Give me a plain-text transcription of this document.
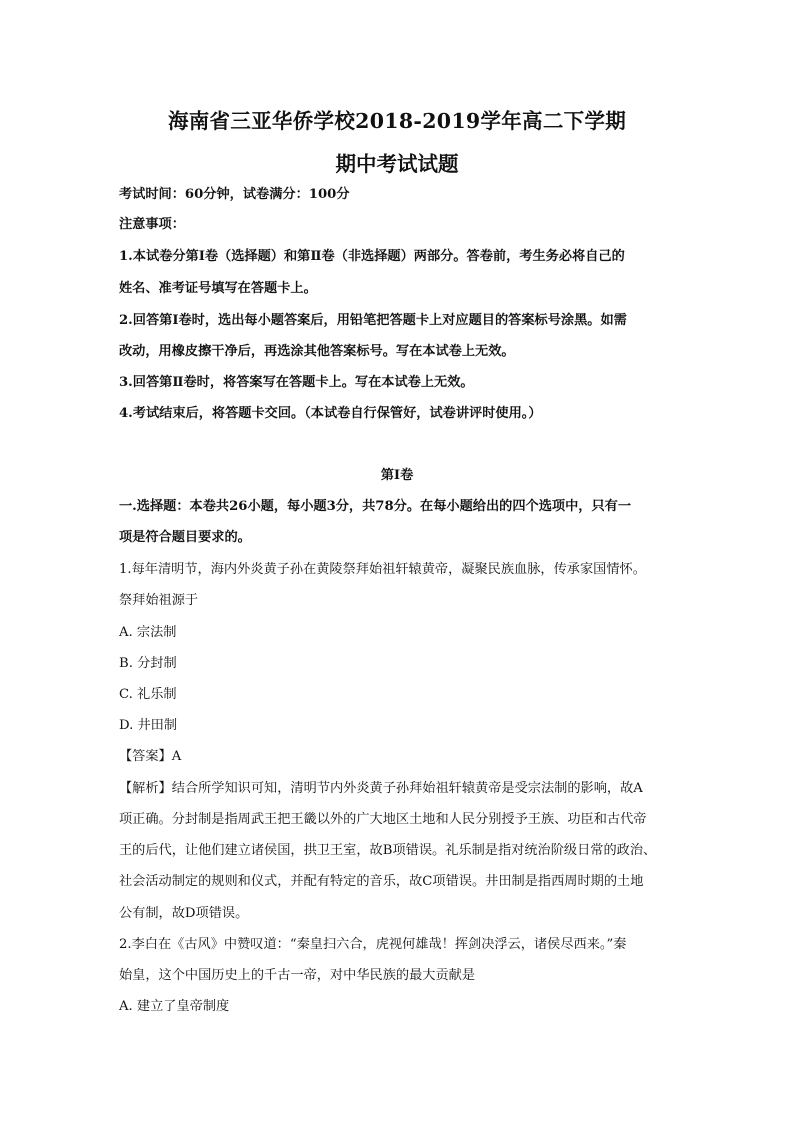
海南省三亚华侨学校2018-2019学年高二下学期
期中考试试题
考试时间：60分钟，试卷满分：100分
注意事项：
1.本试卷分第Ⅰ卷（选择题）和第Ⅱ卷（非选择题）两部分。答卷前，考生务必将自己的
姓名、准考证号填写在答题卡上。
2.回答第Ⅰ卷时，选出每小题答案后，用铅笔把答题卡上对应题目的答案标号涂黑。如需
改动，用橡皮擦干净后，再选涂其他答案标号。写在本试卷上无效。
3.回答第Ⅱ卷时，将答案写在答题卡上。写在本试卷上无效。
4.考试结束后，将答题卡交回。（本试卷自行保管好，试卷讲评时使用。）
第Ⅰ卷
一.选择题：本卷共26小题，每小题3分，共78分。在每小题给出的四个选项中，只有一
项是符合题目要求的。
1.每年清明节，海内外炎黄子孙在黄陵祭拜始祖轩辕黄帝，凝聚民族血脉，传承家国情怀。
祭拜始祖源于
A. 宗法制
B. 分封制
C. 礼乐制
D. 井田制
【答案】A
【解析】结合所学知识可知，清明节内外炎黄子孙拜始祖轩辕黄帝是受宗法制的影响，故A
项正确。分封制是指周武王把王畿以外的广大地区土地和人民分别授予王族、功臣和古代帝
王的后代，让他们建立诸侯国，拱卫王室，故B项错误。礼乐制是指对统治阶级日常的政治、
社会活动制定的规则和仪式，并配有特定的音乐，故C项错误。井田制是指西周时期的土地
公有制，故D项错误。
2.李白在《古风》中赞叹道：“秦皇扫六合，虎视何雄哉！挥剑决浮云，诸侯尽西来。”秦
始皇，这个中国历史上的千古一帝，对中华民族的最大贡献是
A. 建立了皇帝制度
